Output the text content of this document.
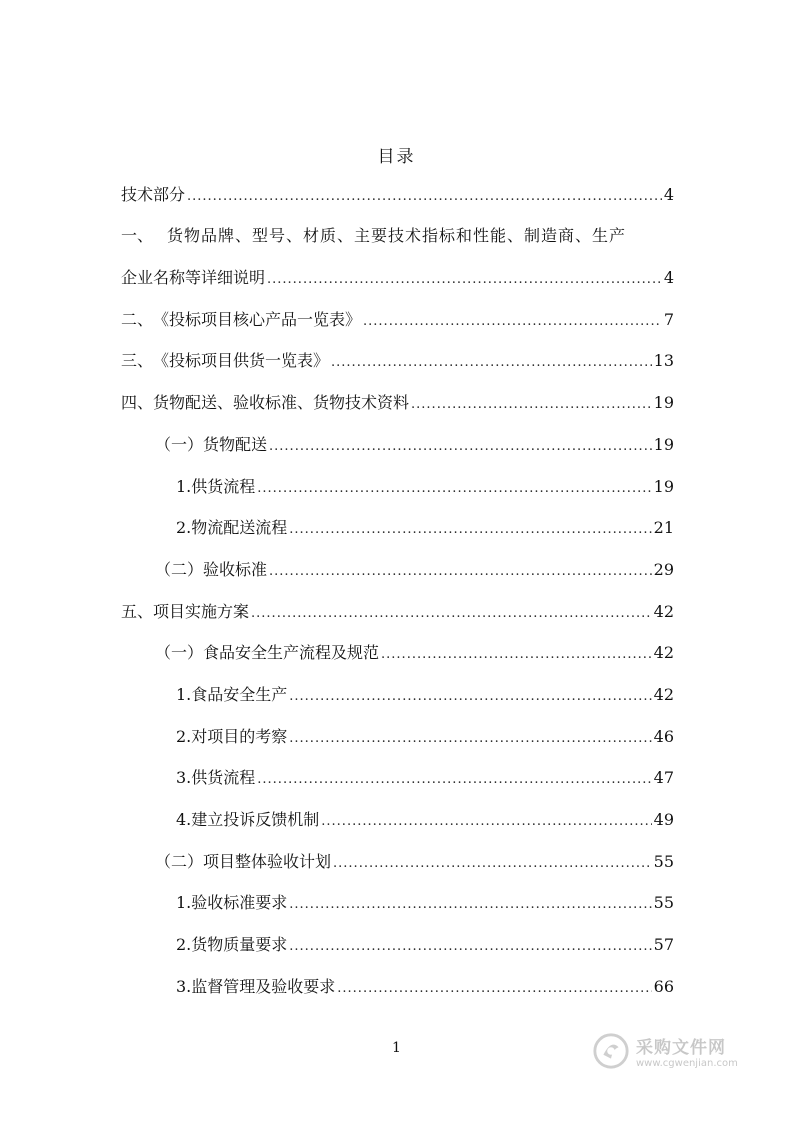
目录
技术部分 .....	4
一、 货物品牌、型号、材质、主要技术指标和性能、制造商、生产
企业名称等详细说明 .....	4
二、 《投标项目核心产品一览表》 .....	7
三、 《投标项目供货一览表》 .....	13
四、 货物配送、验收标准、货物技术资料 .....	19
（一） 货物配送 .....	19
1. 供货流程 .....	19
2. 物流配送流程 .....	21
（二） 验收标准 .....	29
五、 项目实施方案 .....	42
（一） 食品安全生产流程及规范 .....	42
1. 食品安全生产 .....	42
2. 对项目的考察 .....	46
3. 供货流程 .....	47
4. 建立投诉反馈机制 .....	49
（二） 项目整体验收计划 .....	55
1. 验收标准要求 .....	55
2. 货物质量要求 .....	57
3. 监督管理及验收要求 .....	66
1	采购文件网
www.cgwenjian.com
